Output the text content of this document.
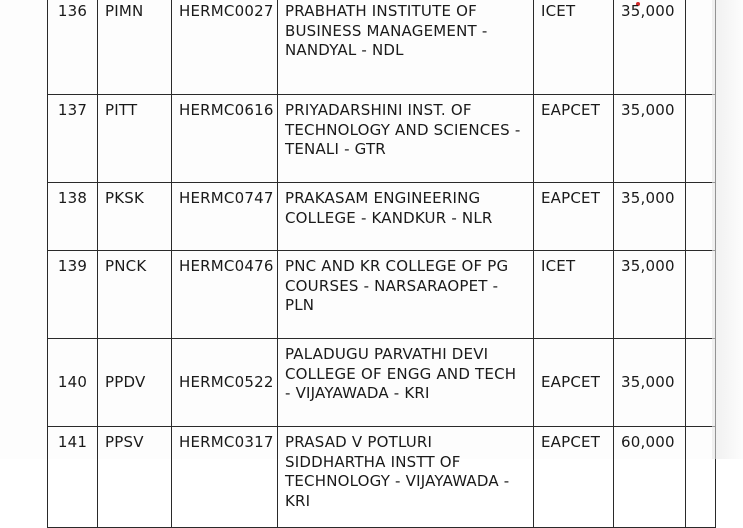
136	PIMN	HERMC0027	PRABHATH INSTITUTE OF BUSINESS MANAGEMENT - NANDYAL - NDL	ICET	35,000	
137	PITT	HERMC0616	PRIYADARSHINI INST. OF TECHNOLOGY AND SCIENCES - TENALI - GTR	EAPCET	35,000	
138	PKSK	HERMC0747	PRAKASAM ENGINEERING COLLEGE - KANDKUR - NLR	EAPCET	35,000	
139	PNCK	HERMC0476	PNC AND KR COLLEGE OF PG COURSES - NARSARAOPET - PLN	ICET	35,000	
140	PPDV	HERMC0522	PALADUGU PARVATHI DEVI COLLEGE OF ENGG AND TECH - VIJAYAWADA - KRI	EAPCET	35,000	
141	PPSV	HERMC0317	PRASAD V POTLURI SIDDHARTHA INSTT OF TECHNOLOGY - VIJAYAWADA - KRI	EAPCET	60,000	
